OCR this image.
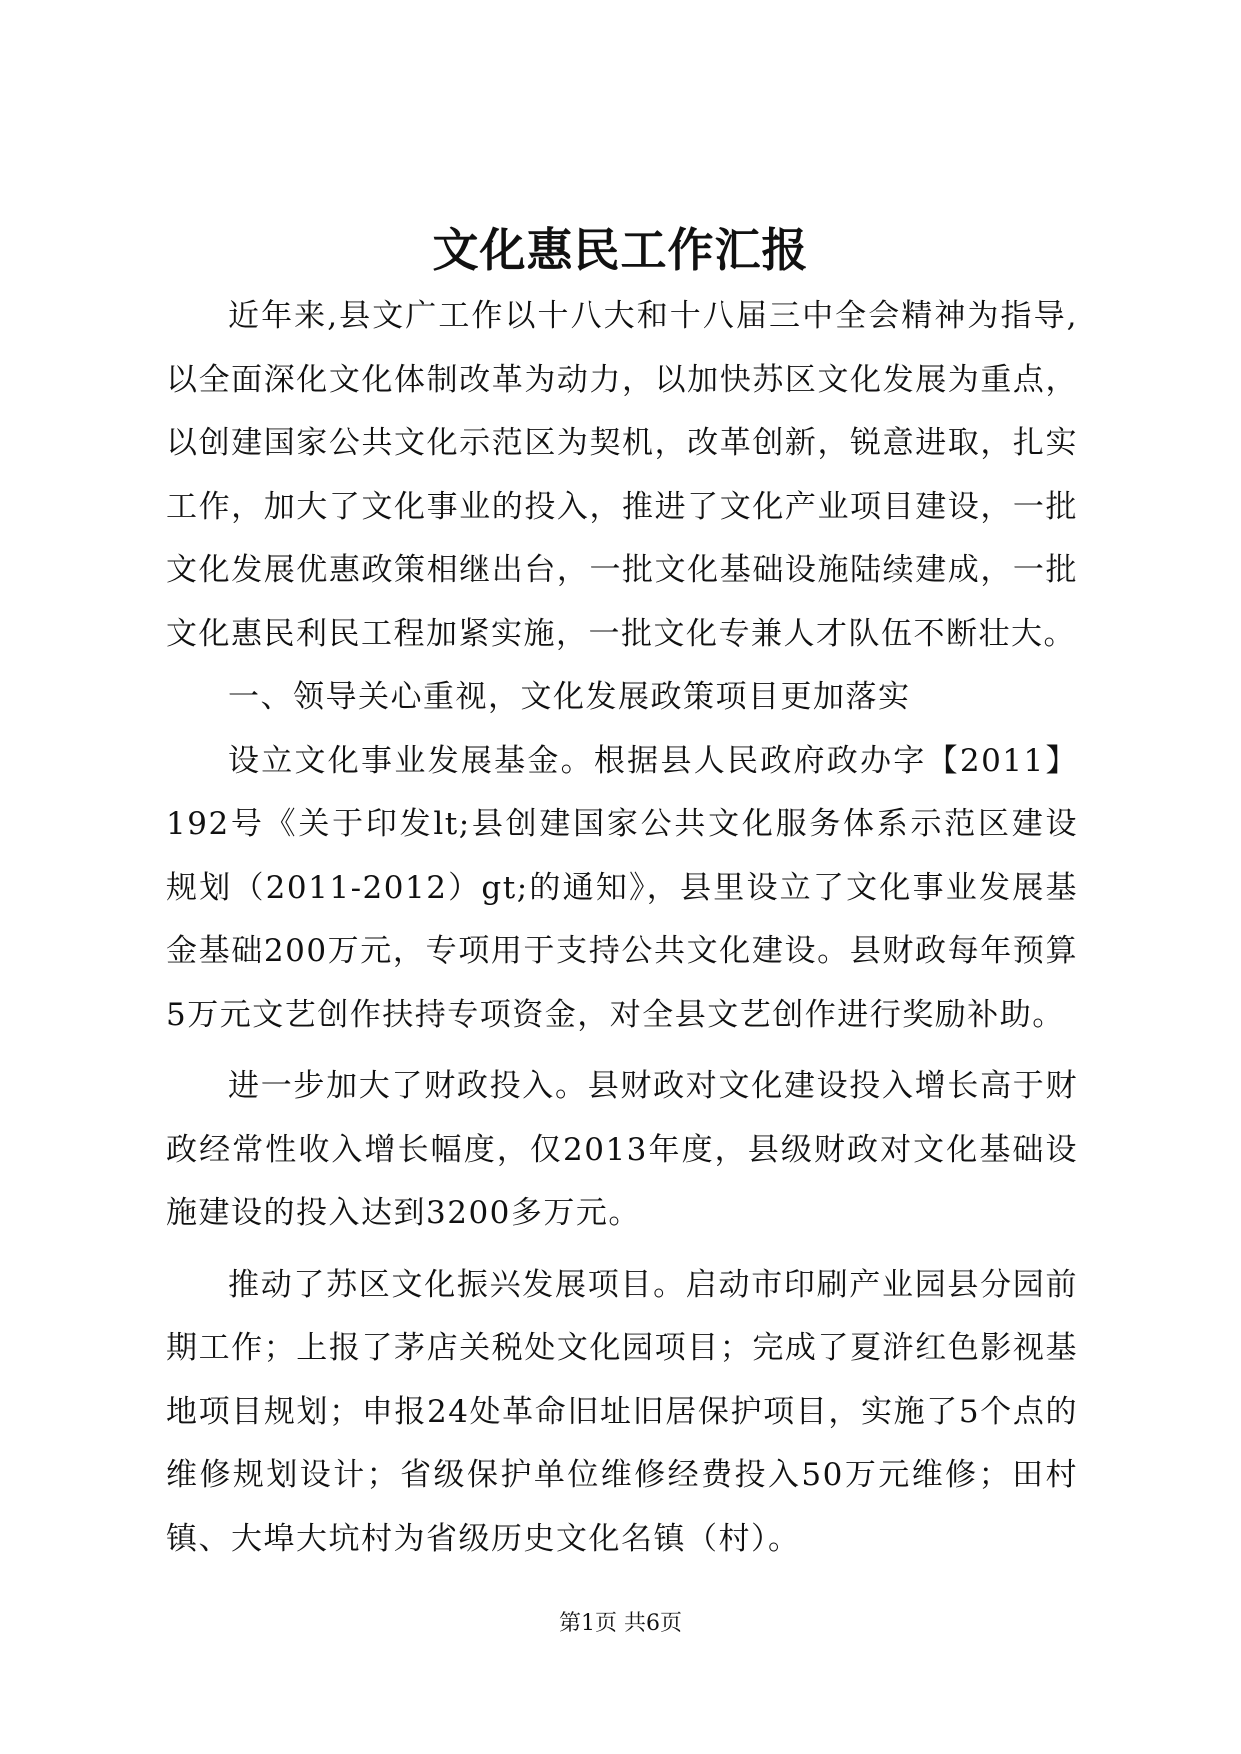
文化惠民工作汇报

近年来,县文广工作以十八大和十八届三中全会精神为指导,以全面深化文化体制改革为动力，以加快苏区文化发展为重点，以创建国家公共文化示范区为契机，改革创新，锐意进取，扎实工作，加大了文化事业的投入，推进了文化产业项目建设，一批文化发展优惠政策相继出台，一批文化基础设施陆续建成，一批文化惠民利民工程加紧实施，一批文化专兼人才队伍不断壮大。

一、领导关心重视，文化发展政策项目更加落实

设立文化事业发展基金。根据县人民政府政办字【2011】192号《关于印发lt;县创建国家公共文化服务体系示范区建设规划（2011-2012）gt;的通知》，县里设立了文化事业发展基金基础200万元，专项用于支持公共文化建设。县财政每年预算5万元文艺创作扶持专项资金，对全县文艺创作进行奖励补助。

进一步加大了财政投入。县财政对文化建设投入增长高于财政经常性收入增长幅度，仅2013年度，县级财政对文化基础设施建设的投入达到3200多万元。

推动了苏区文化振兴发展项目。启动市印刷产业园县分园前期工作；上报了茅店关税处文化园项目；完成了夏浒红色影视基地项目规划；申报24处革命旧址旧居保护项目，实施了5个点的维修规划设计；省级保护单位维修经费投入50万元维修；田村镇、大埠大坑村为省级历史文化名镇（村）。

第1页 共6页
